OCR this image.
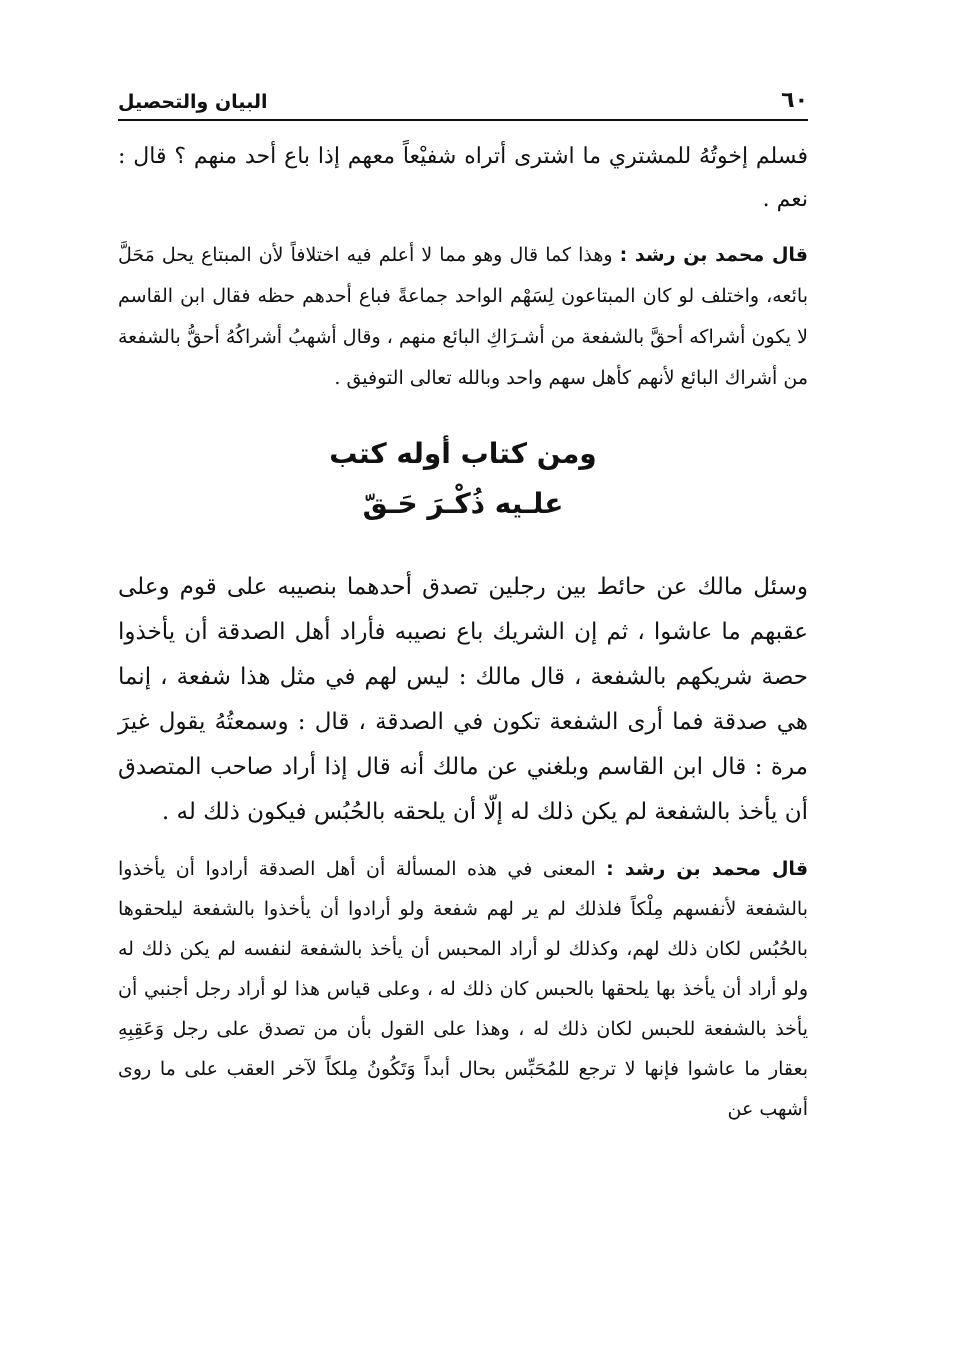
٦٠
البيان والتحصيل

فسلم إخوتُهُ للمشتري ما اشترى أتراه شفيْعاً معهم إذا باع أحد منهم ؟ قال : نعم .

قال محمد بن رشد : وهذا كما قال وهو مما لا أعلم فيه اختلافاً لأن المبتاع يحل مَحَلَّ بائعه، واختلف لو كان المبتاعون لِسَهْم الواحد جماعةً فباع أحدهم حظه فقال ابن القاسم لا يكون أشراكه أحقَّ بالشفعة من أشـرَاكِ البائع منهم ، وقال أشهبُ أشراكُهُ أحقُّ بالشفعة من أشراك البائع لأنهم كأهل سهم واحد وبالله تعالى التوفيق .

ومن كتاب أوله كتب
علـيه ذُكْـرَ حَـقّ

وسئل مالك عن حائط بين رجلين تصدق أحدهما بنصيبه على قوم وعلى عقبهم ما عاشوا ، ثم إن الشريك باع نصيبه فأراد أهل الصدقة أن يأخذوا حصة شريكهم بالشفعة ، قال مالك : ليس لهم في مثل هذا شفعة ، إنما هي صدقة فما أرى الشفعة تكون في الصدقة ، قال : وسمعتُهُ يقول غيرَ مرة : قال ابن القاسم وبلغني عن مالك أنه قال إذا أراد صاحب المتصدق أن يأخذ بالشفعة لم يكن ذلك له إلّا أن يلحقه بالحُبُس فيكون ذلك له .

قال محمد بن رشد : المعنى في هذه المسألة أن أهل الصدقة أرادوا أن يأخذوا بالشفعة لأنفسهم مِلْكاً فلذلك لم ير لهم شفعة ولو أرادوا أن يأخذوا بالشفعة ليلحقوها بالحُبُس لكان ذلك لهم، وكذلك لو أراد المحبس أن يأخذ بالشفعة لنفسه لم يكن ذلك له ولو أراد أن يأخذ بها يلحقها بالحبس كان ذلك له ، وعلى قياس هذا لو أراد رجل أجنبي أن يأخذ بالشفعة للحبس لكان ذلك له ، وهذا على القول بأن من تصدق على رجل وَعَقِبِهِ بعقار ما عاشوا فإنها لا ترجع للمُحَبِّس بحال أبداً وَتَكُونُ مِلكاً لآخر العقب على ما روى أشهب عن
